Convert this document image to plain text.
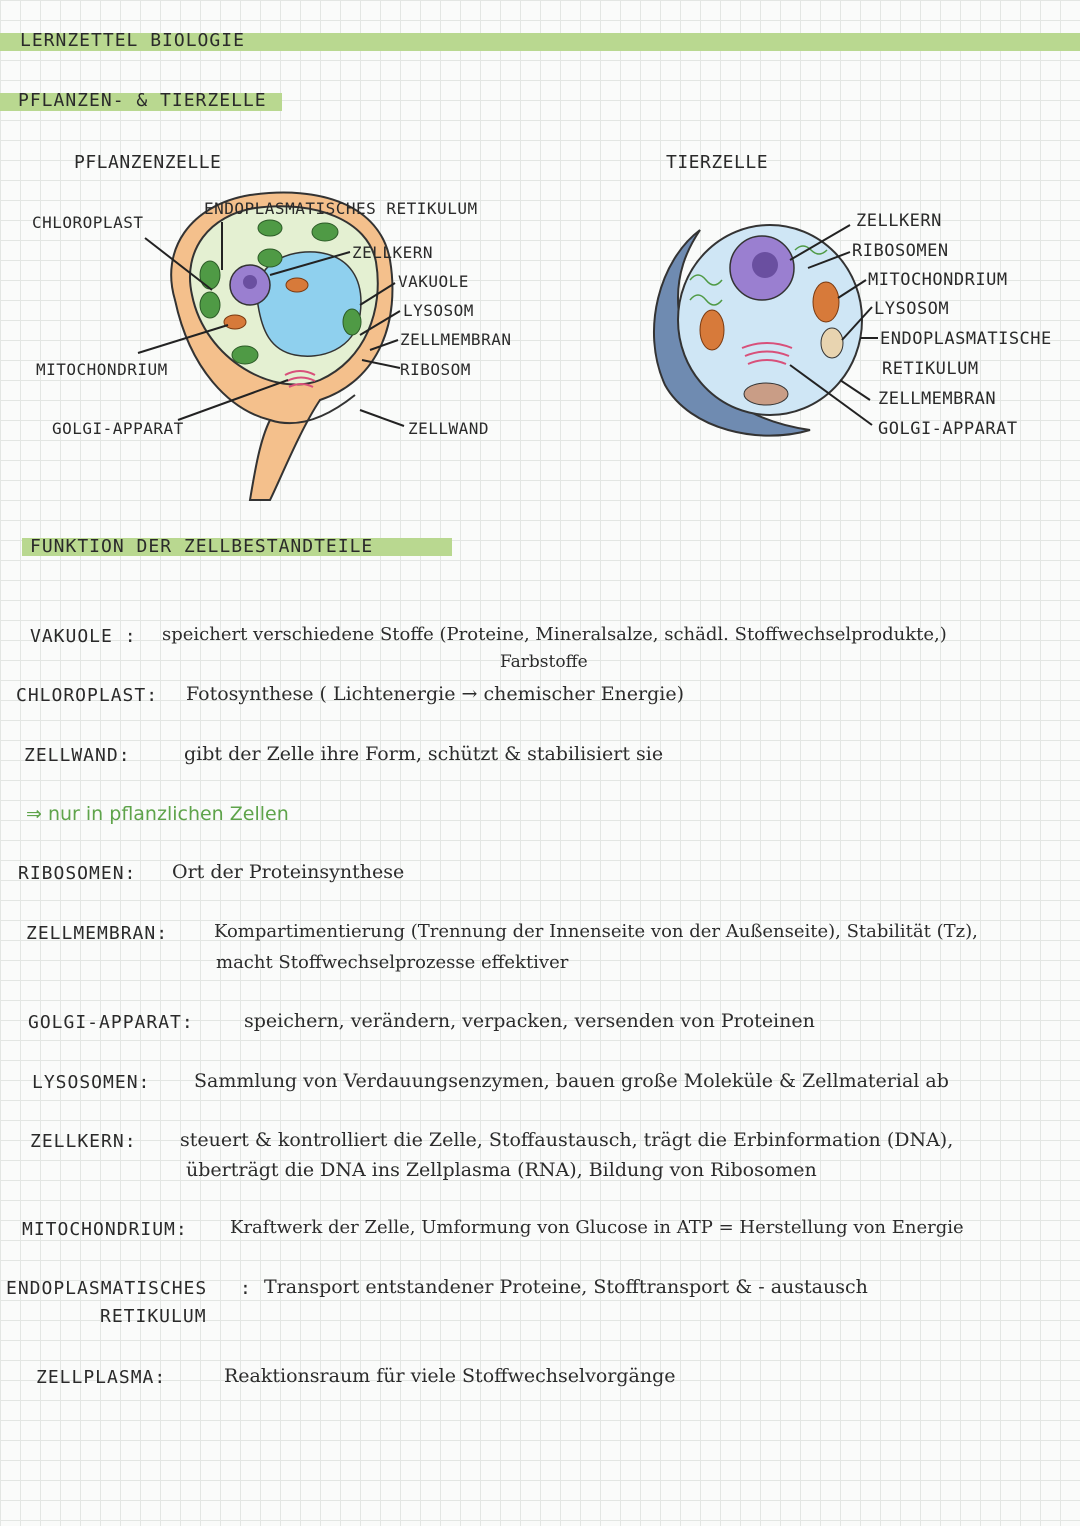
LERNZETTEL BIOLOGIE
PFLANZEN- & TIERZELLE
PFLANZENZELLE	TIERZELLE
CHLOROPLAST
ENDOPLASMATISCHES RETIKULUM
ZELLKERN
VAKUOLE
LYSOSOM
ZELLMEMBRAN
RIBOSOM
MITOCHONDRIUM
GOLGI-APPARAT	ZELLWAND
ZELLKERN
RIBOSOMEN
MITOCHONDRIUM
LYSOSOM
ENDOPLASMATISCHE
RETIKULUM
ZELLMEMBRAN
GOLGI-APPARAT
FUNKTION DER ZELLBESTANDTEILE
VAKUOLE : speichert verschiedene Stoffe (Proteine, Mineralsalze, schädl. Stoffwechselprodukte,)
Farbstoffe
CHLOROPLAST: Fotosynthese ( Lichtenergie → chemischer Energie)
ZELLWAND:	gibt der Zelle ihre Form, schützt & stabilisiert sie
⇒ nur in pflanzlichen Zellen
RIBOSOMEN: Ort der Proteinsynthese
ZELLMEMBRAN:	Kompartimentierung (Trennung der Innenseite von der Außenseite), Stabilität (Tz),
macht Stoffwechselprozesse effektiver
GOLGI-APPARAT:	speichern, verändern, verpacken, versenden von Proteinen
LYSOSOMEN: Sammlung von Verdauungsenzymen, bauen große Moleküle & Zellmaterial ab
ZELLKERN: steuert & kontrolliert die Zelle, Stoffaustausch, trägt die Erbinformation (DNA),
überträgt die DNA ins Zellplasma (RNA), Bildung von Ribosomen
MITOCHONDRIUM: Kraftwerk der Zelle, Umformung von Glucose in ATP = Herstellung von Energie
ENDOPLASMATISCHES
RETIKULUM
: Transport entstandener Proteine, Stofftransport & - austausch
ZELLPLASMA:	Reaktionsraum für viele Stoffwechselvorgänge
